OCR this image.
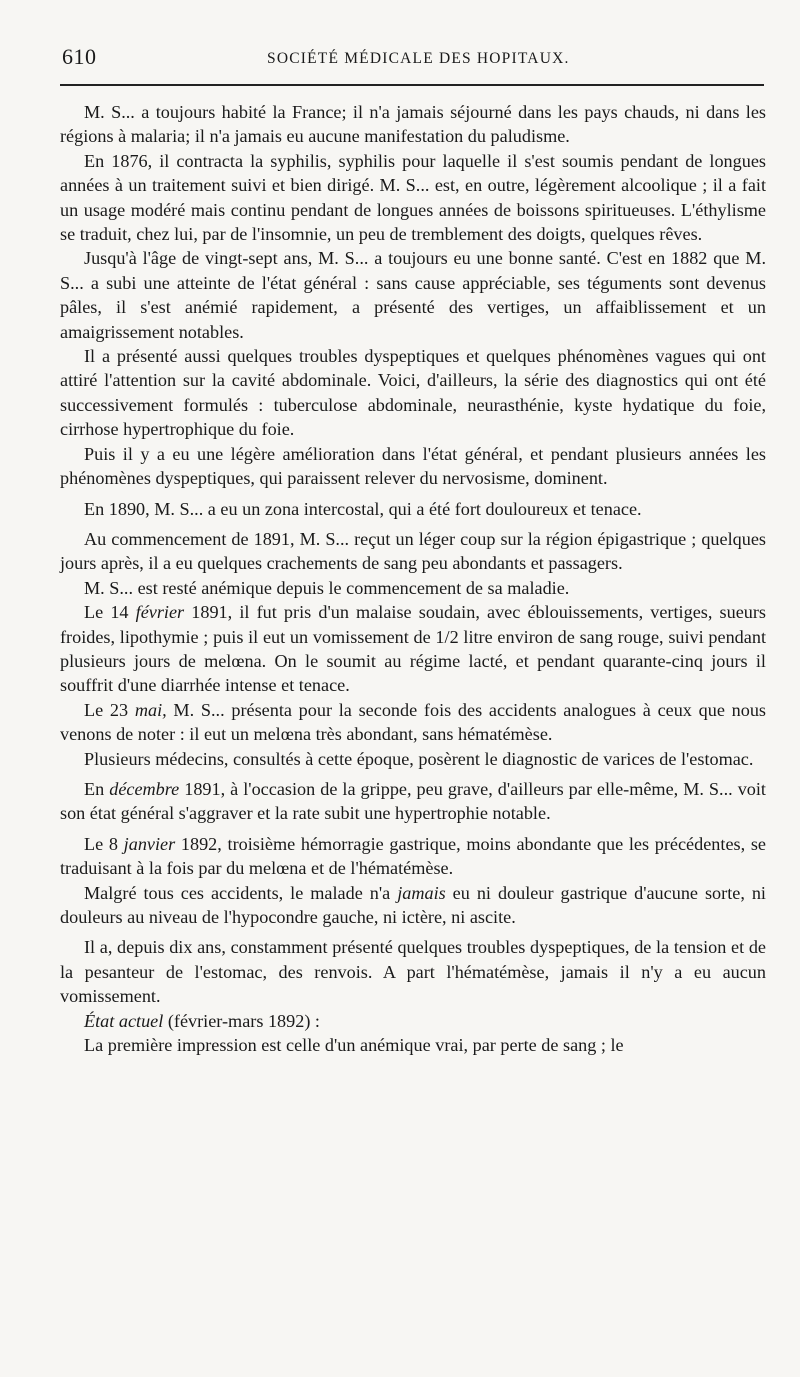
610	SOCIÉTÉ MÉDICALE DES HOPITAUX.

M. S... a toujours habité la France; il n'a jamais séjourné dans les pays chauds, ni dans les régions à malaria; il n'a jamais eu aucune manifestation du paludisme.

En 1876, il contracta la syphilis, syphilis pour laquelle il s'est soumis pendant de longues années à un traitement suivi et bien dirigé. M. S... est, en outre, légèrement alcoolique ; il a fait un usage modéré mais continu pendant de longues années de boissons spiritueuses. L'éthylisme se traduit, chez lui, par de l'insomnie, un peu de tremblement des doigts, quelques rêves.

Jusqu'à l'âge de vingt-sept ans, M. S... a toujours eu une bonne santé. C'est en 1882 que M. S... a subi une atteinte de l'état général : sans cause appréciable, ses téguments sont devenus pâles, il s'est anémié rapidement, a présenté des vertiges, un affaiblissement et un amaigrissement notables.

Il a présenté aussi quelques troubles dyspeptiques et quelques phénomènes vagues qui ont attiré l'attention sur la cavité abdominale. Voici, d'ailleurs, la série des diagnostics qui ont été successivement formulés : tuberculose abdominale, neurasthénie, kyste hydatique du foie, cirrhose hypertrophique du foie.

Puis il y a eu une légère amélioration dans l'état général, et pendant plusieurs années les phénomènes dyspeptiques, qui paraissent relever du nervosisme, dominent.

En 1890, M. S... a eu un zona intercostal, qui a été fort douloureux et tenace.

Au commencement de 1891, M. S... reçut un léger coup sur la région épigastrique ; quelques jours après, il a eu quelques crachements de sang peu abondants et passagers.

M. S... est resté anémique depuis le commencement de sa maladie.

Le 14 février 1891, il fut pris d'un malaise soudain, avec éblouissements, vertiges, sueurs froides, lipothymie ; puis il eut un vomissement de 1/2 litre environ de sang rouge, suivi pendant plusieurs jours de melœna. On le soumit au régime lacté, et pendant quarante-cinq jours il souffrit d'une diarrhée intense et tenace.

Le 23 mai, M. S... présenta pour la seconde fois des accidents analogues à ceux que nous venons de noter : il eut un melœna très abondant, sans hématémèse.

Plusieurs médecins, consultés à cette époque, posèrent le diagnostic de varices de l'estomac.

En décembre 1891, à l'occasion de la grippe, peu grave, d'ailleurs par elle-même, M. S... voit son état général s'aggraver et la rate subit une hypertrophie notable.

Le 8 janvier 1892, troisième hémorragie gastrique, moins abondante que les précédentes, se traduisant à la fois par du melœna et de l'hématémèse.

Malgré tous ces accidents, le malade n'a jamais eu ni douleur gastrique d'aucune sorte, ni douleurs au niveau de l'hypocondre gauche, ni ictère, ni ascite.

Il a, depuis dix ans, constamment présenté quelques troubles dyspeptiques, de la tension et de la pesanteur de l'estomac, des renvois. A part l'hématémèse, jamais il n'y a eu aucun vomissement.

État actuel (février-mars 1892) :

La première impression est celle d'un anémique vrai, par perte de sang ; le
